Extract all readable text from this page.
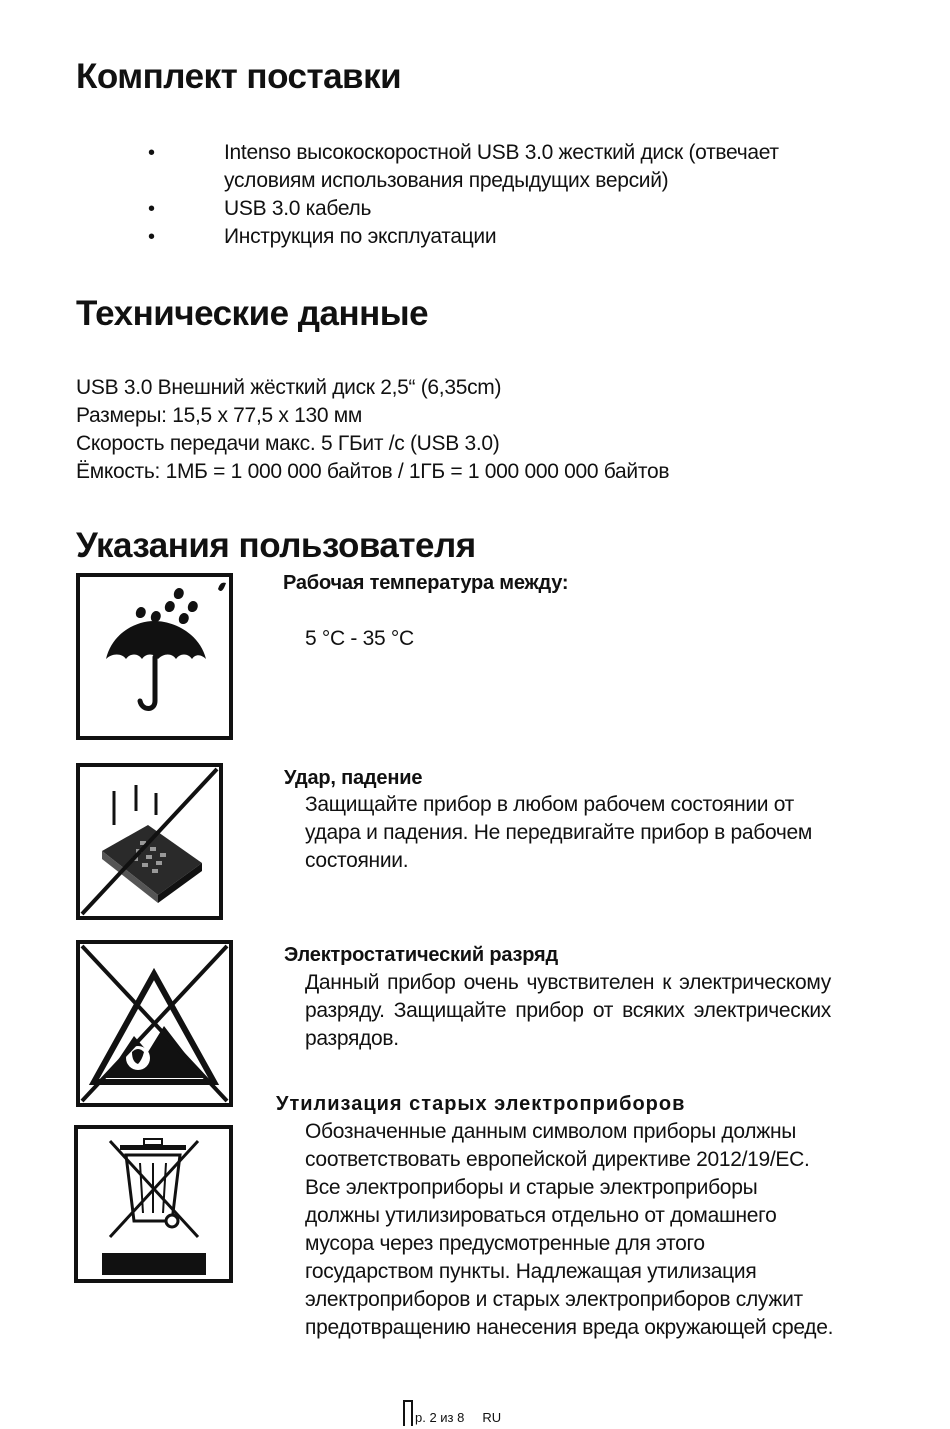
Комплект поставки
•	Intenso высокоскоростной USB 3.0 жесткий диск (отвечает условиям использования предыдущих версий)
•	USB 3.0 кабель
•	Инструкция по эксплуатации
Технические данные
USB 3.0 Внешний жёсткий диск 2,5“ (6,35cm)
Размеры: 15,5 x 77,5 x 130 мм
Скорость передачи макс. 5 ГБит /с (USB 3.0)
Ёмкость: 1МБ = 1 000 000 байтов / 1ГБ = 1 000 000 000 байтов
Указания пользователя
Рабочая температура между:
5 °C - 35 °C
Удар, падение
Защищайте прибор в любом рабочем состоянии от удара и падения. Не передвигайте прибор в рабочем состоянии.
Электростатический разряд
Данный прибор очень чувствителен к электрическому разряду. Защищайте прибор от всяких электрических разрядов.
Утилизация старых электроприборов
Обозначенные данным символом приборы должны соответствовать европейской директиве 2012/19/EC. Все электроприборы и старые электроприборы должны утилизироваться отдельно от домашнего мусора через предусмотренные для этого государством пункты. Надлежащая утилизация электроприборов и старых электроприборов служит предотвращению нанесения вреда окружающей среде.
р. 2 из 8 RU
